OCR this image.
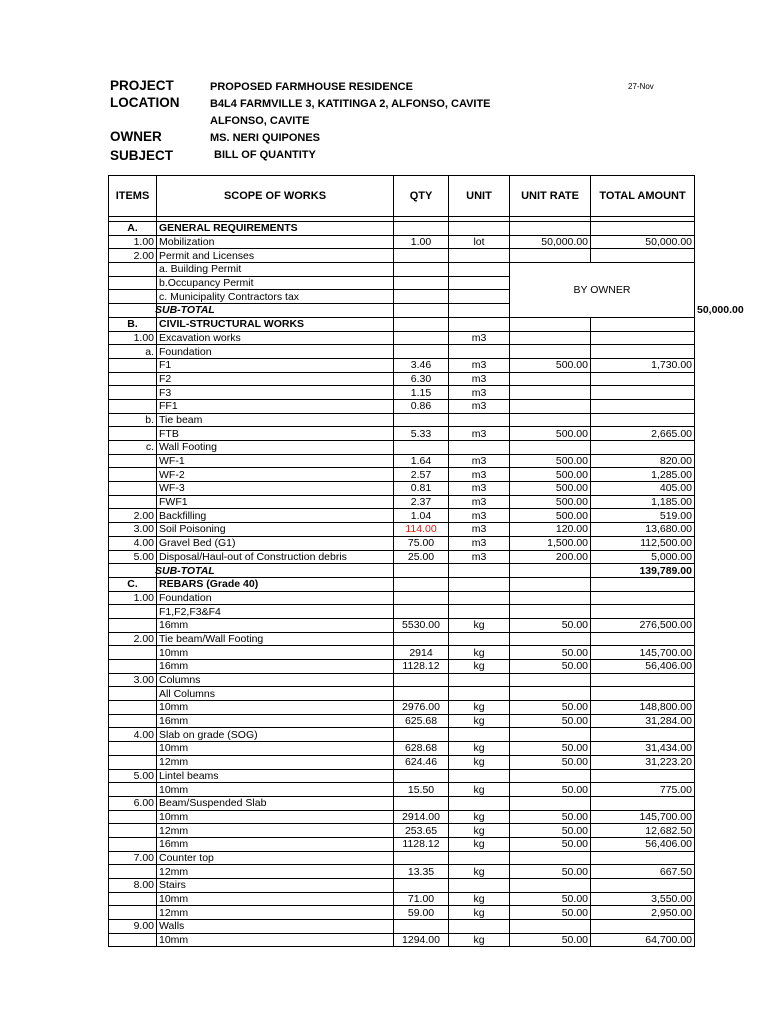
PROJECT	PROPOSED FARMHOUSE RESIDENCE	27-Nov
LOCATION	B4L4 FARMVILLE 3, KATITINGA 2, ALFONSO, CAVITE
ALFONSO, CAVITE
OWNER	MS. NERI QUIPONES
SUBJECT	BILL OF QUANTITY
ITEMS	SCOPE OF WORKS	QTY	UNIT	UNIT RATE	TOTAL AMOUNT	

A.	GENERAL REQUIREMENTS					
1.00	Mobilization	1.00	lot	50,000.00	50,000.00	
2.00	Permit and Licenses					
	a. Building Permit			BY OWNER		
	b.Occupancy Permit					
	c. Municipality Contractors tax					
	SUB-TOTAL					50,000.00
B.	CIVIL-STRUCTURAL WORKS					
1.00	Excavation works		m3			
a.	Foundation					
	F1	3.46	m3	500.00	1,730.00	
	F2	6.30	m3			
	F3	1.15	m3			
	FF1	0.86	m3			
b.	Tie beam					
	FTB	5.33	m3	500.00	2,665.00	
c.	Wall Footing					
	WF-1	1.64	m3	500.00	820.00	
	WF-2	2.57	m3	500.00	1,285.00	
	WF-3	0.81	m3	500.00	405.00	
	FWF1	2.37	m3	500.00	1,185.00	
2.00	Backfilling	1.04	m3	500.00	519.00	
3.00	Soil Poisoning	114.00	m3	120.00	13,680.00	
4.00	Gravel Bed (G1)	75.00	m3	1,500.00	112,500.00	
5.00	Disposal/Haul-out of Construction debris	25.00	m3	200.00	5,000.00	
	SUB-TOTAL				139,789.00	
C.	REBARS (Grade 40)					
1.00	Foundation					
	F1,F2,F3&F4					
	16mm	5530.00	kg	50.00	276,500.00	
2.00	Tie beam/Wall Footing					
	10mm	2914	kg	50.00	145,700.00	
	16mm	1128.12	kg	50.00	56,406.00	
3.00	Columns					
	All Columns					
	10mm	2976.00	kg	50.00	148,800.00	
	16mm	625.68	kg	50.00	31,284.00	
4.00	Slab on grade (SOG)					
	10mm	628.68	kg	50.00	31,434.00	
	12mm	624.46	kg	50.00	31,223.20	
5.00	Lintel beams					
	10mm	15.50	kg	50.00	775.00	
6.00	Beam/Suspended Slab					
	10mm	2914.00	kg	50.00	145,700.00	
	12mm	253.65	kg	50.00	12,682.50	
	16mm	1128.12	kg	50.00	56,406.00	
7.00	Counter top					
	12mm	13.35	kg	50.00	667.50	
8.00	Stairs					
	10mm	71.00	kg	50.00	3,550.00	
	12mm	59.00	kg	50.00	2,950.00	
9.00	Walls					
	10mm	1294.00	kg	50.00	64,700.00	
